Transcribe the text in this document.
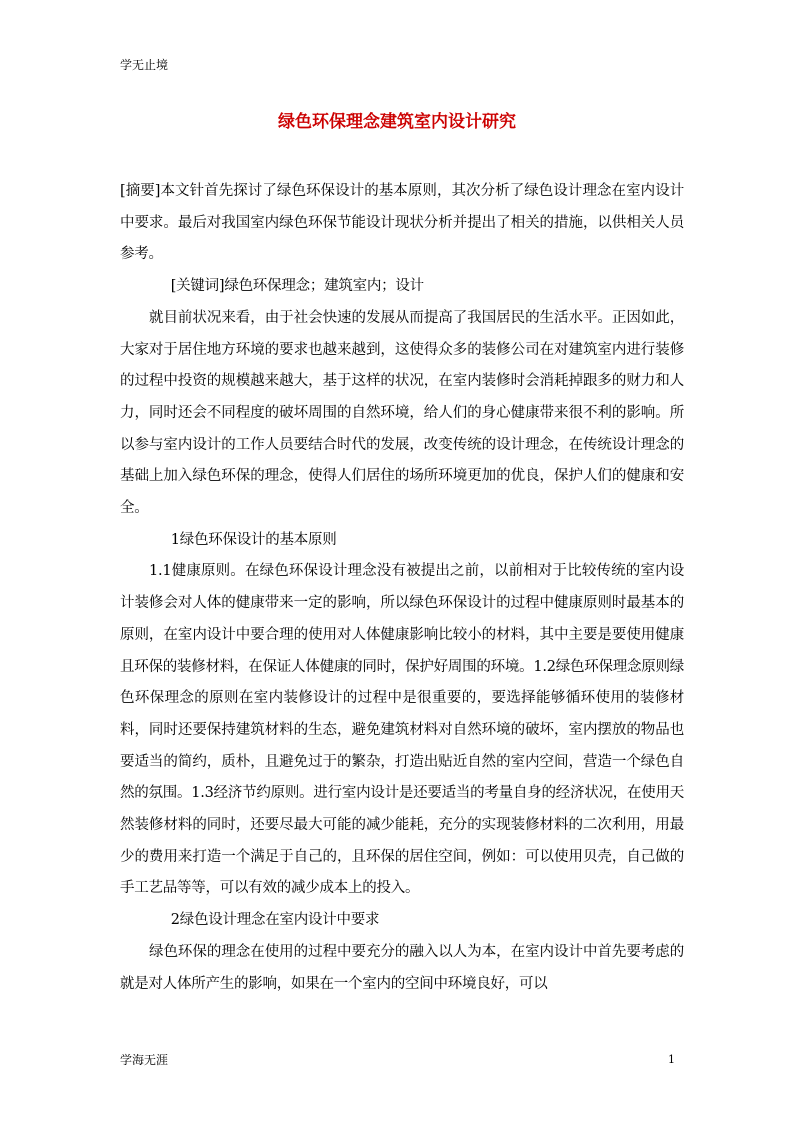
学无止境
绿色环保理念建筑室内设计研究

[摘要]本文针首先探讨了绿色环保设计的基本原则，其次分析了绿色设计理念在室内设计中要求。最后对我国室内绿色环保节能设计现状分析并提出了相关的措施，以供相关人员参考。

[关键词]绿色环保理念；建筑室内；设计

就目前状况来看，由于社会快速的发展从而提高了我国居民的生活水平。正因如此，大家对于居住地方环境的要求也越来越到，这使得众多的装修公司在对建筑室内进行装修的过程中投资的规模越来越大，基于这样的状况，在室内装修时会消耗掉跟多的财力和人力，同时还会不同程度的破坏周围的自然环境，给人们的身心健康带来很不利的影响。所以参与室内设计的工作人员要结合时代的发展，改变传统的设计理念，在传统设计理念的基础上加入绿色环保的理念，使得人们居住的场所环境更加的优良，保护人们的健康和安全。

1绿色环保设计的基本原则

1.1健康原则。在绿色环保设计理念没有被提出之前，以前相对于比较传统的室内设计装修会对人体的健康带来一定的影响，所以绿色环保设计的过程中健康原则时最基本的原则，在室内设计中要合理的使用对人体健康影响比较小的材料，其中主要是要使用健康且环保的装修材料，在保证人体健康的同时，保护好周围的环境。1.2绿色环保理念原则绿色环保理念的原则在室内装修设计的过程中是很重要的，要选择能够循环使用的装修材料，同时还要保持建筑材料的生态，避免建筑材料对自然环境的破坏，室内摆放的物品也要适当的简约，质朴，且避免过于的繁杂，打造出贴近自然的室内空间，营造一个绿色自然的氛围。1.3经济节约原则。进行室内设计是还要适当的考量自身的经济状况，在使用天然装修材料的同时，还要尽最大可能的减少能耗，充分的实现装修材料的二次利用，用最少的费用来打造一个满足于自己的，且环保的居住空间，例如：可以使用贝壳，自己做的手工艺品等等，可以有效的减少成本上的投入。

2绿色设计理念在室内设计中要求

绿色环保的理念在使用的过程中要充分的融入以人为本，在室内设计中首先要考虑的就是对人体所产生的影响，如果在一个室内的空间中环境良好，可以

学海无涯	1
